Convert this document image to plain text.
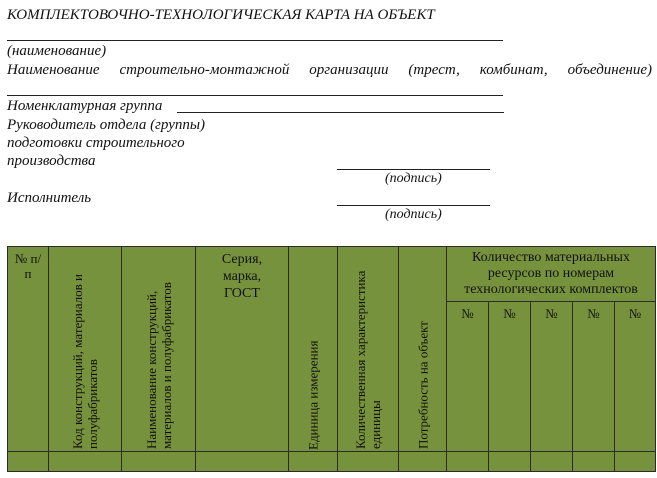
КОМПЛЕКТОВОЧНО-ТЕХНОЛОГИЧЕСКАЯ КАРТА НА ОБЪЕКТ
(наименование)
Наименование строительно-монтажной организации (трест, комбинат, объединение)
Номенклатурная группа
Руководитель отдела (группы)
подготовки строительного
производства
(подпись)
Исполнитель
(подпись)
№ п/п	Код конструкций, материалов и полуфабрикатов	Наименование конструкций, материалов и полуфабрикатов	Серия, марка, ГОСТ	Единица измерения	Количественная характеристика единицы	Потребность на объект	Количество материальных ресурсов по номерам технологических комплектов				

							№	№	№	№	№
